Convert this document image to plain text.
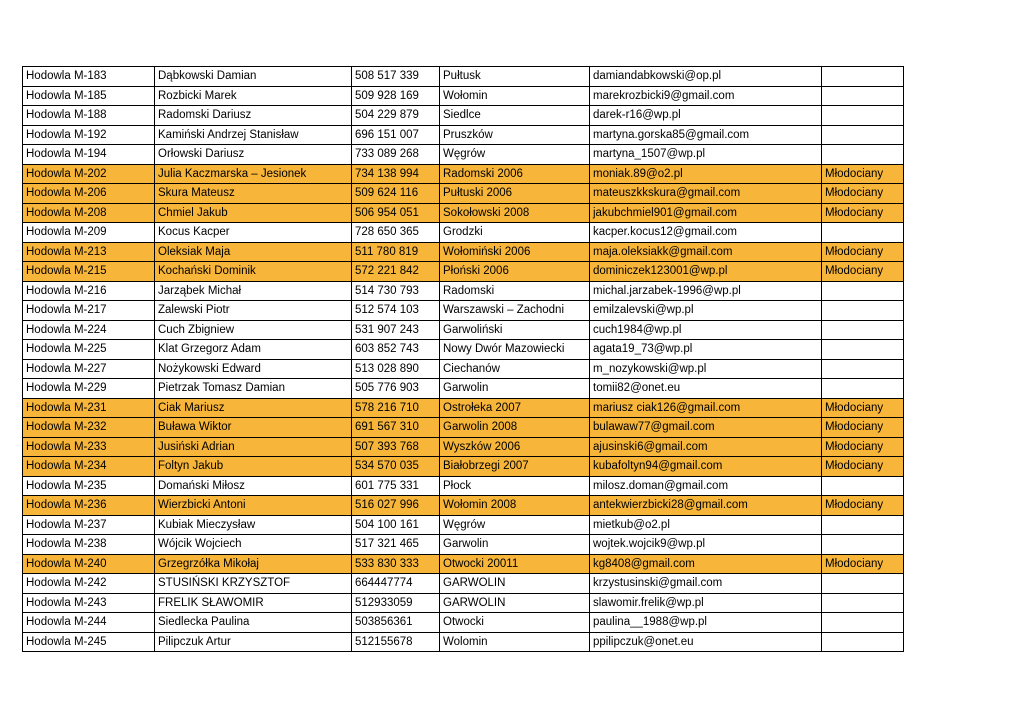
Hodowla M-183	Dąbkowski Damian	508 517 339	Pułtusk	damiandabkowski@op.pl	
Hodowla M-185	Rozbicki Marek	509 928 169	Wołomin	marekrozbicki9@gmail.com	
Hodowla M-188	Radomski Dariusz	504 229 879	Siedlce	darek-r16@wp.pl	
Hodowla M-192	Kamiński Andrzej Stanisław	696 151 007	Pruszków	martyna.gorska85@gmail.com	
Hodowla M-194	Orłowski Dariusz	733 089 268	Węgrów	martyna_1507@wp.pl	
Hodowla M-202	Julia Kaczmarska – Jesionek	734 138 994	Radomski 2006	moniak.89@o2.pl	Młodociany
Hodowla M-206	Skura Mateusz	509 624 116	Pułtuski 2006	mateuszkkskura@gmail.com	Młodociany
Hodowla M-208	Chmiel Jakub	506 954 051	Sokołowski 2008	jakubchmiel901@gmail.com	Młodociany
Hodowla M-209	Kocus Kacper	728 650 365	Grodzki	kacper.kocus12@gmail.com	
Hodowla M-213	Oleksiak Maja	511 780 819	Wołomiński 2006	maja.oleksiakk@gmail.com	Młodociany
Hodowla M-215	Kochański Dominik	572 221 842	Płoński 2006	dominiczek123001@wp.pl	Młodociany
Hodowla M-216	Jarząbek Michał	514 730 793	Radomski	michal.jarzabek-1996@wp.pl	
Hodowla M-217	Zalewski Piotr	512 574 103	Warszawski – Zachodni	emilzalevski@wp.pl	
Hodowla M-224	Cuch Zbigniew	531 907 243	Garwoliński	cuch1984@wp.pl	
Hodowla M-225	Klat Grzegorz Adam	603 852 743	Nowy Dwór Mazowiecki	agata19_73@wp.pl	
Hodowla M-227	Nożykowski Edward	513 028 890	Ciechanów	m_nozykowski@wp.pl	
Hodowla M-229	Pietrzak Tomasz Damian	505 776 903	Garwolin	tomii82@onet.eu	
Hodowla M-231	Ciak Mariusz	578 216 710	Ostrołeka 2007	mariusz ciak126@gmail.com	Młodociany
Hodowla M-232	Buława Wiktor	691 567 310	Garwolin 2008	bulawaw77@gmail.com	Młodociany
Hodowla M-233	Jusiński Adrian	507 393 768	Wyszków 2006	ajusinski6@gmail.com	Młodociany
Hodowla M-234	Foltyn Jakub	534 570 035	Białobrzegi 2007	kubafoltyn94@gmail.com	Młodociany
Hodowla M-235	Domański Miłosz	601 775 331	Płock	milosz.doman@gmail.com	
Hodowla M-236	Wierzbicki Antoni	516 027 996	Wołomin 2008	antekwierzbicki28@gmail.com	Młodociany
Hodowla M-237	Kubiak Mieczysław	504 100 161	Węgrów	mietkub@o2.pl	
Hodowla M-238	Wójcik Wojciech	517 321 465	Garwolin	wojtek.wojcik9@wp.pl	
Hodowla M-240	Grzegrzółka Mikołaj	533 830 333	Otwocki 20011	kg8408@gmail.com	Młodociany
Hodowla M-242	STUSIŃSKI KRZYSZTOF	664447774	GARWOLIN	krzystusinski@gmail.com	
Hodowla M-243	FRELIK SŁAWOMIR	512933059	GARWOLIN	slawomir.frelik@wp.pl	
Hodowla M-244	Siedlecka Paulina	503856361	Otwocki	paulina__1988@wp.pl	
Hodowla M-245	Pilipczuk Artur	512155678	Wolomin	ppilipczuk@onet.eu	
